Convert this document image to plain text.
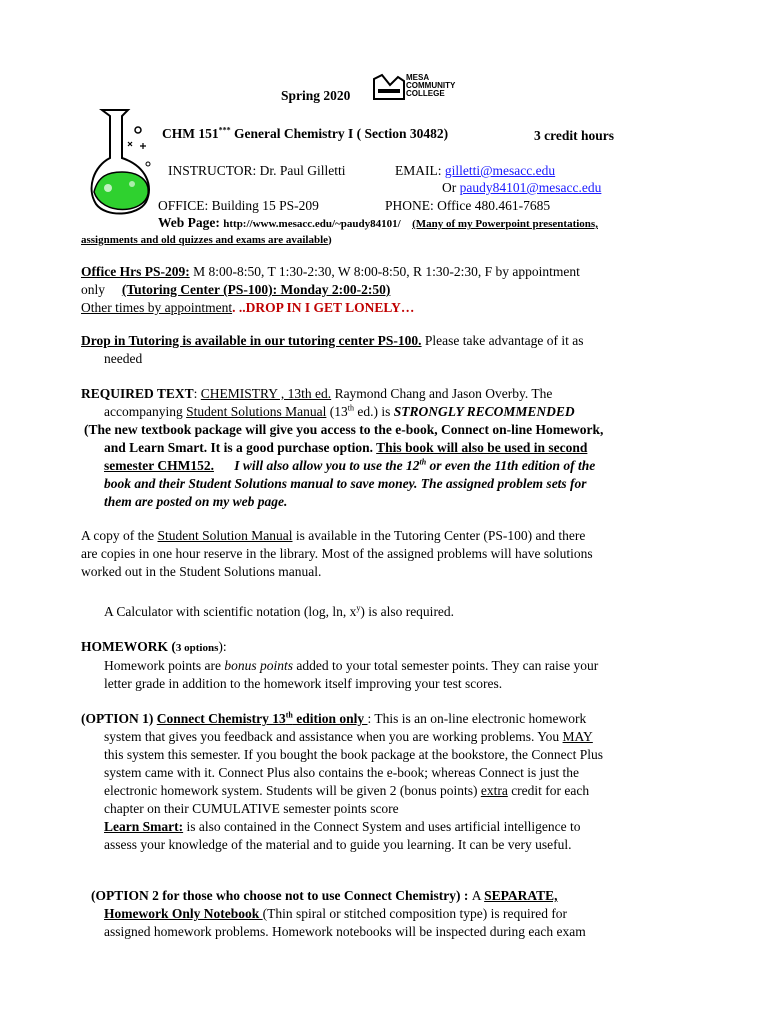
Spring 2020
MESA
COMMUNITY
COLLEGE
CHM 151*** General Chemistry I ( Section 30482)	3 credit hours
INSTRUCTOR: Dr. Paul Gilletti	EMAIL: gilletti@mesacc.edu
Or paudy84101@mesacc.edu
OFFICE: Building 15 PS-209	PHONE: Office 480.461-7685
Web Page: http://www.mesacc.edu/~paudy84101/ (Many of my Powerpoint presentations,
assignments and old quizzes and exams are available)
Office Hrs PS-209: M 8:00-8:50, T 1:30-2:30, W 8:00-8:50, R 1:30-2:30, F by appointment
only (Tutoring Center (PS-100): Monday 2:00-2:50)
Other times by appointment. ..DROP IN I GET LONELY…
Drop in Tutoring is available in our tutoring center PS-100. Please take advantage of it as
needed
REQUIRED TEXT: CHEMISTRY , 13th ed. Raymond Chang and Jason Overby. The
accompanying Student Solutions Manual (13th ed.) is STRONGLY RECOMMENDED
(The new textbook package will give you access to the e-book, Connect on-line Homework,
and Learn Smart. It is a good purchase option. This book will also be used in second
semester CHM152.      I will also allow you to use the 12th or even the 11th edition of the
book and their Student Solutions manual to save money. The assigned problem sets for
them are posted on my web page.
A copy of the Student Solution Manual is available in the Tutoring Center (PS-100) and there
are copies in one hour reserve in the library. Most of the assigned problems will have solutions
worked out in the Student Solutions manual.
A Calculator with scientific notation (log, ln, $x^y$) is also required.
HOMEWORK (3 options):
Homework points are bonus points added to your total semester points. They can raise your
letter grade in addition to the homework itself improving your test scores.
(OPTION 1) Connect Chemistry 13th edition only : This is an on-line electronic homework
system that gives you feedback and assistance when you are working problems. You MAY
this system this semester. If you bought the book package at the bookstore, the Connect Plus
system came with it. Connect Plus also contains the e-book; whereas Connect is just the
electronic homework system. Students will be given 2 (bonus points) extra credit for each
chapter on their CUMULATIVE semester points score
Learn Smart: is also contained in the Connect System and uses artificial intelligence to
assess your knowledge of the material and to guide you learning. It can be very useful.
(OPTION 2 for those who choose not to use Connect Chemistry) : A SEPARATE,
Homework Only Notebook (Thin spiral or stitched composition type) is required for
assigned homework problems. Homework notebooks will be inspected during each exam
